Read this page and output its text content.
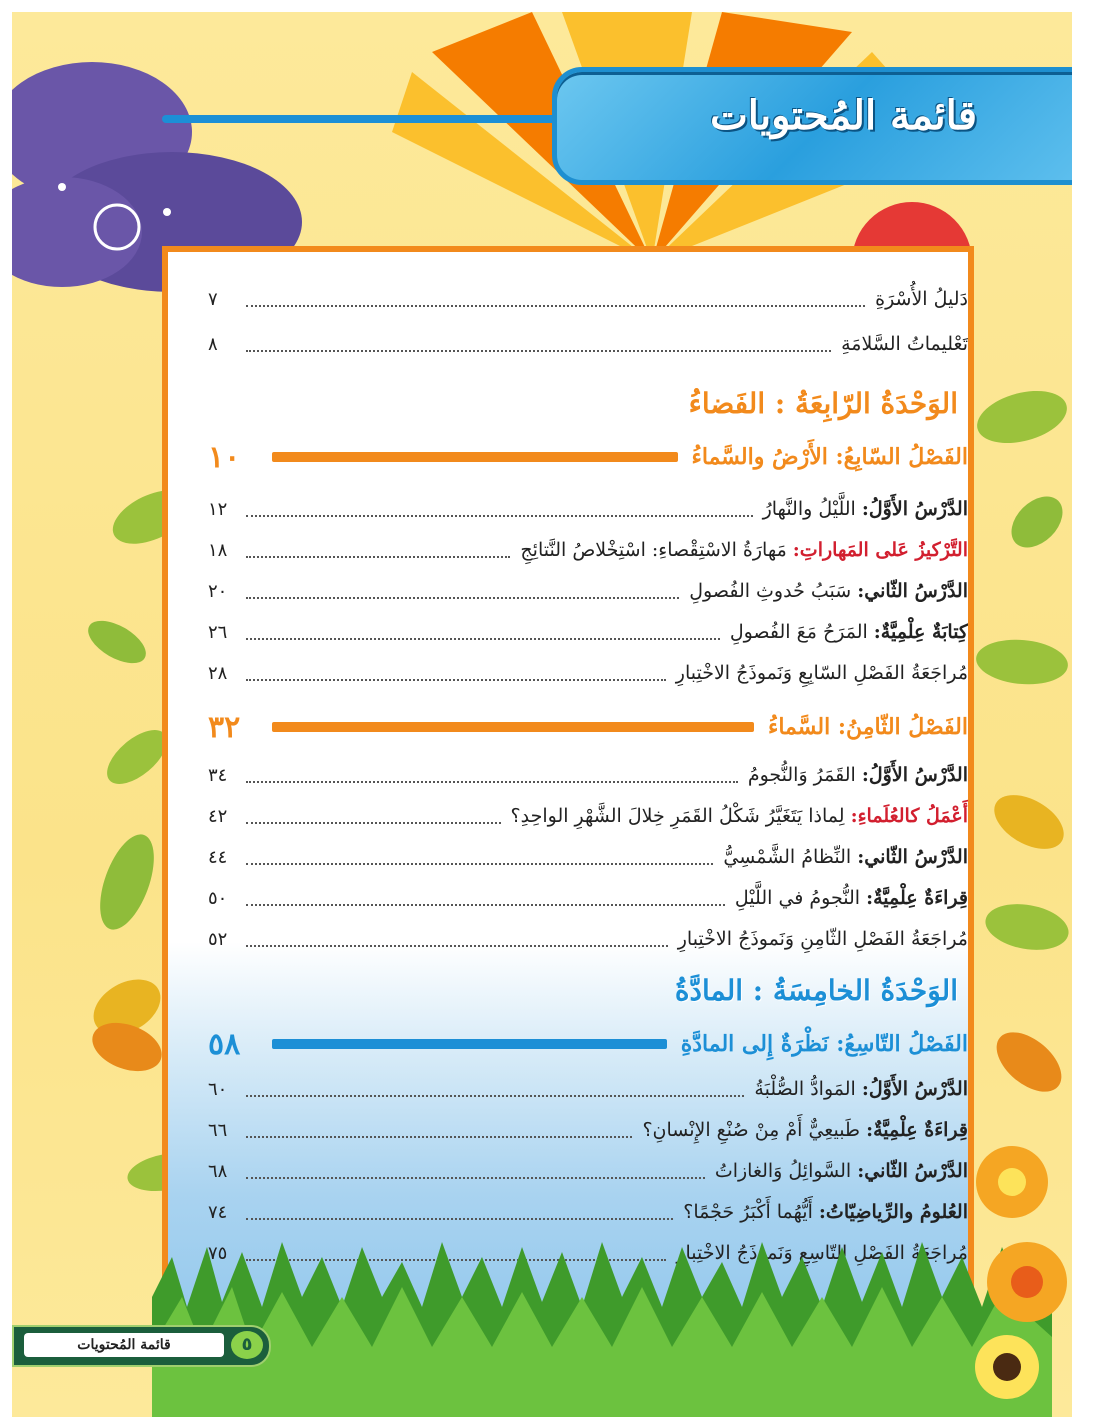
قائمة المُحتويات
دَليلُ الأُسْرَةِ
٧
تَعْليماتُ السَّلامَةِ
٨
الوَحْدَةُ الرّابِعَةُ : الفَضاءُ
الفَصْلُ السّابِعُ: الأَرْضُ والسَّماءُ
١٠
الدَّرْسُ الأَوَّلُ: اللَّيْلُ والنَّهارُ
١٢
التَّرْكيزُ عَلى المَهاراتِ: مَهارَةُ الاسْتِقْصاءِ: اسْتِخْلاصُ النَّتائِجِ
١٨
الدَّرْسُ الثّاني: سَبَبُ حُدوثِ الفُصولِ
٢٠
كِتابَةٌ عِلْمِيَّةٌ: المَرَحُ مَعَ الفُصولِ
٢٦
مُراجَعَةُ الفَصْلِ السّابِعِ وَنَموذَجُ الاخْتِبارِ
٢٨
الفَصْلُ الثّامِنُ: السَّماءُ
٣٢
الدَّرْسُ الأَوَّلُ: القَمَرُ وَالنُّجومُ
٣٤
أَعْمَلُ كالعُلَماءِ: لِماذا يَتَغَيَّرُ شَكْلُ القَمَرِ خِلالَ الشَّهْرِ الواحِدِ؟
٤٢
الدَّرْسُ الثّاني: النِّظامُ الشَّمْسِيُّ
٤٤
قِراءَةٌ عِلْمِيَّةٌ: النُّجومُ في اللَّيْلِ
٥٠
مُراجَعَةُ الفَصْلِ الثّامِنِ وَنَموذَجُ الاخْتِبارِ
٥٢
الوَحْدَةُ الخامِسَةُ : المادَّةُ
الفَصْلُ التّاسِعُ: نَظْرَةٌ إِلى المادَّةِ
٥٨
الدَّرْسُ الأَوَّلُ: المَوادُّ الصُّلْبَةُ
٦٠
قِراءَةٌ عِلْمِيَّةٌ: طَبيعِيٌّ أَمْ مِنْ صُنْعِ الإِنْسانِ؟
٦٦
الدَّرْسُ الثّاني: السَّوائِلُ وَالغازاتُ
٦٨
العُلومُ والرِّياضِيّاتُ: أَيُّهُما أَكْبَرُ حَجْمًا؟
٧٤
مُراجَعَةُ الفَصْلِ التّاسِعِ وَنَموذَجُ الاخْتِبارِ
٧٥
قائمة المُحتويات	٥
